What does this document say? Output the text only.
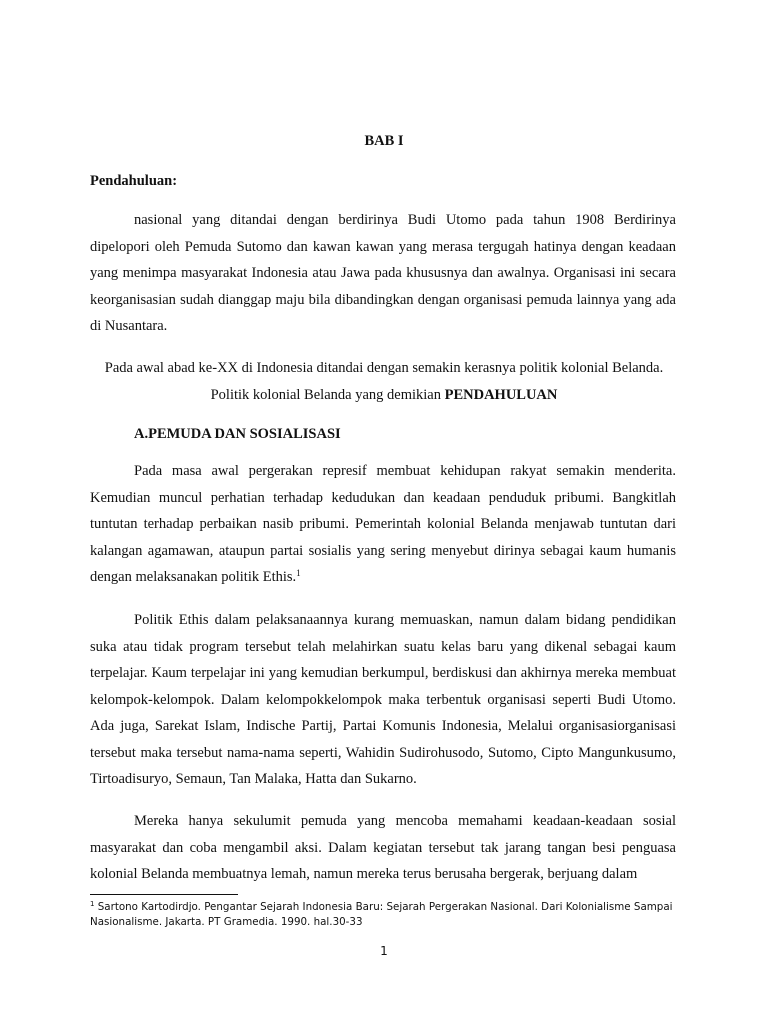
BAB I
Pendahuluan:

nasional yang ditandai dengan berdirinya Budi Utomo pada tahun 1908 Berdirinya dipelopori oleh Pemuda Sutomo dan kawan kawan yang merasa tergugah hatinya dengan keadaan yang menimpa masyarakat Indonesia atau Jawa pada khususnya dan awalnya. Organisasi ini secara keorganisasian sudah dianggap maju bila dibandingkan dengan organisasi pemuda lainnya yang ada di Nusantara.

Pada awal abad ke-XX di Indonesia ditandai dengan semakin kerasnya politik kolonial Belanda.
Politik kolonial Belanda yang demikian PENDAHULUAN

A.PEMUDA DAN SOSIALISASI

Pada masa awal pergerakan represif membuat kehidupan rakyat semakin menderita. Kemudian muncul perhatian terhadap kedudukan dan keadaan penduduk pribumi. Bangkitlah tuntutan terhadap perbaikan nasib pribumi. Pemerintah kolonial Belanda menjawab tuntutan dari kalangan agamawan, ataupun partai sosialis yang sering menyebut dirinya sebagai kaum humanis dengan melaksanakan politik Ethis.$^1$

Politik Ethis dalam pelaksanaannya kurang memuaskan, namun dalam bidang pendidikan suka atau tidak program tersebut telah melahirkan suatu kelas baru yang dikenal sebagai kaum terpelajar. Kaum terpelajar ini yang kemudian berkumpul, berdiskusi dan akhirnya mereka membuat kelompok-kelompok. Dalam kelompokkelompok maka terbentuk organisasi seperti Budi Utomo. Ada juga, Sarekat Islam, Indische Partij, Partai Komunis Indonesia, Melalui organisasiorganisasi tersebut maka tersebut nama-nama seperti, Wahidin Sudirohusodo, Sutomo, Cipto Mangunkusumo, Tirtoadisuryo, Semaun, Tan Malaka, Hatta dan Sukarno.

Mereka hanya sekulumit pemuda yang mencoba memahami keadaan-keadaan sosial masyarakat dan coba mengambil aksi. Dalam kegiatan tersebut tak jarang tangan besi penguasa kolonial Belanda membuatnya lemah, namun mereka terus berusaha bergerak, berjuang dalam

$^1$ Sartono Kartodirdjo. Pengantar Sejarah Indonesia Baru: Sejarah Pergerakan Nasional. Dari Kolonialisme Sampai Nasionalisme. Jakarta. PT Gramedia. 1990. hal.30-33

1
